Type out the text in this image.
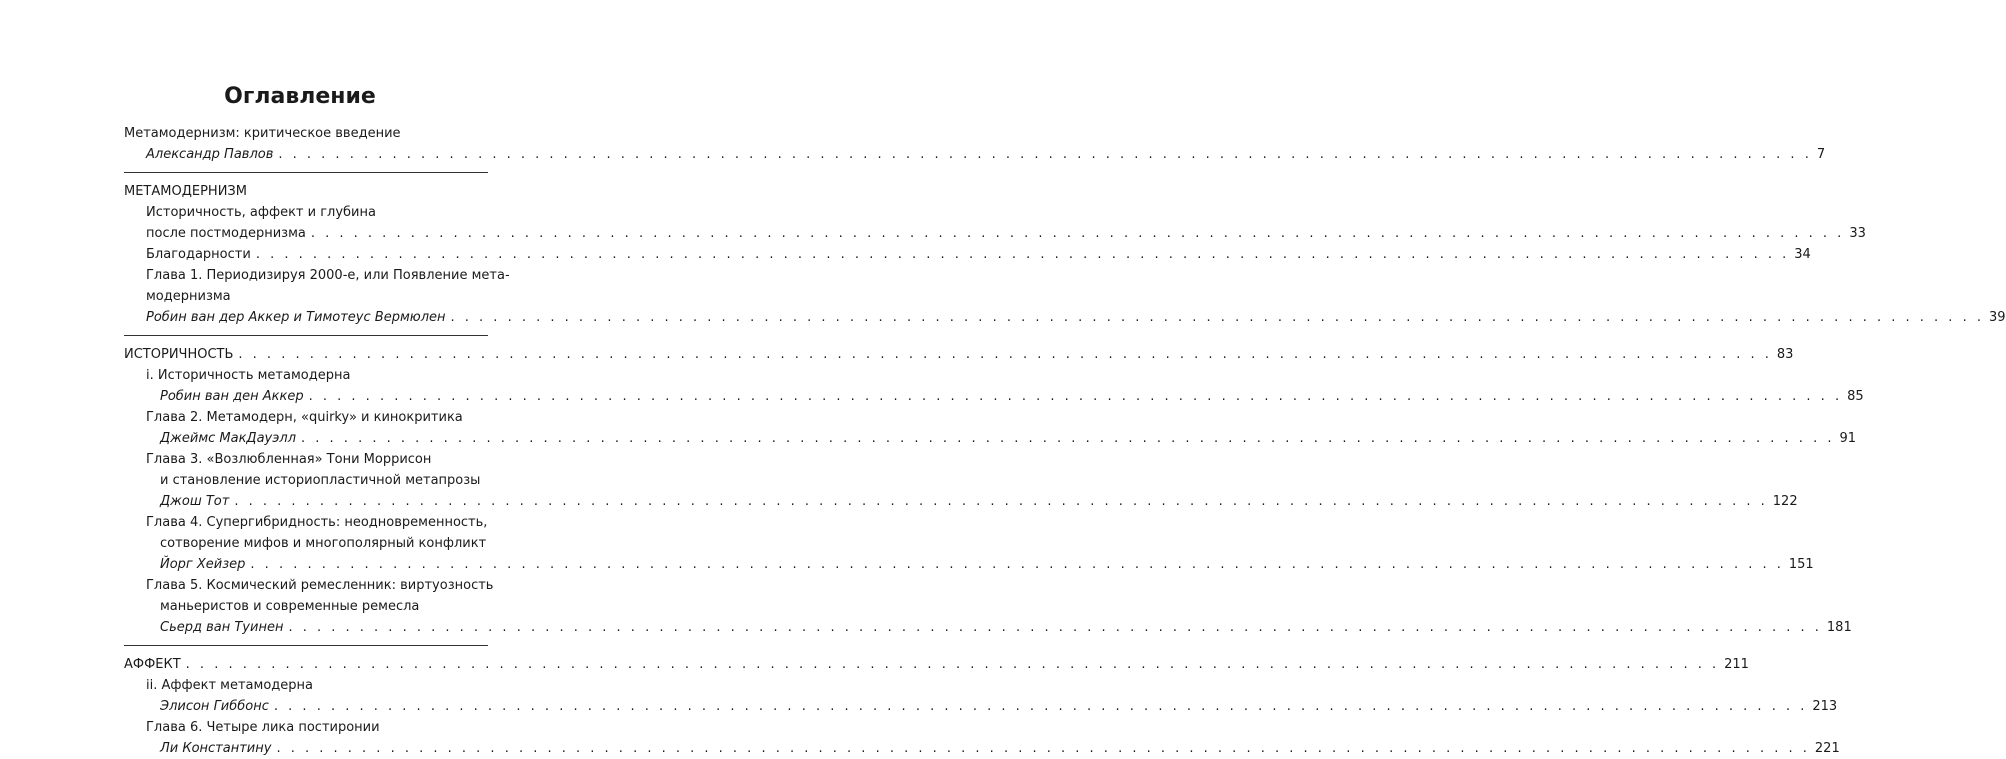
Оглавление
Метамодернизм: критическое введение
Александр Павлов . . .	7
МЕТАМОДЕРНИЗМ
Историчность, аффект и глубина
после постмодернизма . . .	33
Благодарности . . .	34
Глава 1. Периодизируя 2000-е, или Появление мета-
модернизма
Робин ван дер Аккер и Тимотеус Вермюлен . . .	39
ИСТОРИЧНОСТЬ . . .	83
i. Историчность метамодерна
Робин ван ден Аккер . . .	85
Глава 2. Метамодерн, «quirky» и кинокритика
Джеймс МакДауэлл . . .	91
Глава 3. «Возлюбленная» Тони Моррисон
и становление историопластичной метапрозы
Джош Тот . . .	122
Глава 4. Супергибридность: неодновременность,
сотворение мифов и многополярный конфликт
Йорг Хейзер . . .	151
Глава 5. Космический ремесленник: виртуозность
маньеристов и современные ремесла
Сьерд ван Туинен . . .	181
АФФЕКТ . . .	211
ii. Аффект метамодерна
Элисон Гиббонс . . .	213
Глава 6. Четыре лика постиронии
Ли Константину . . .	221
